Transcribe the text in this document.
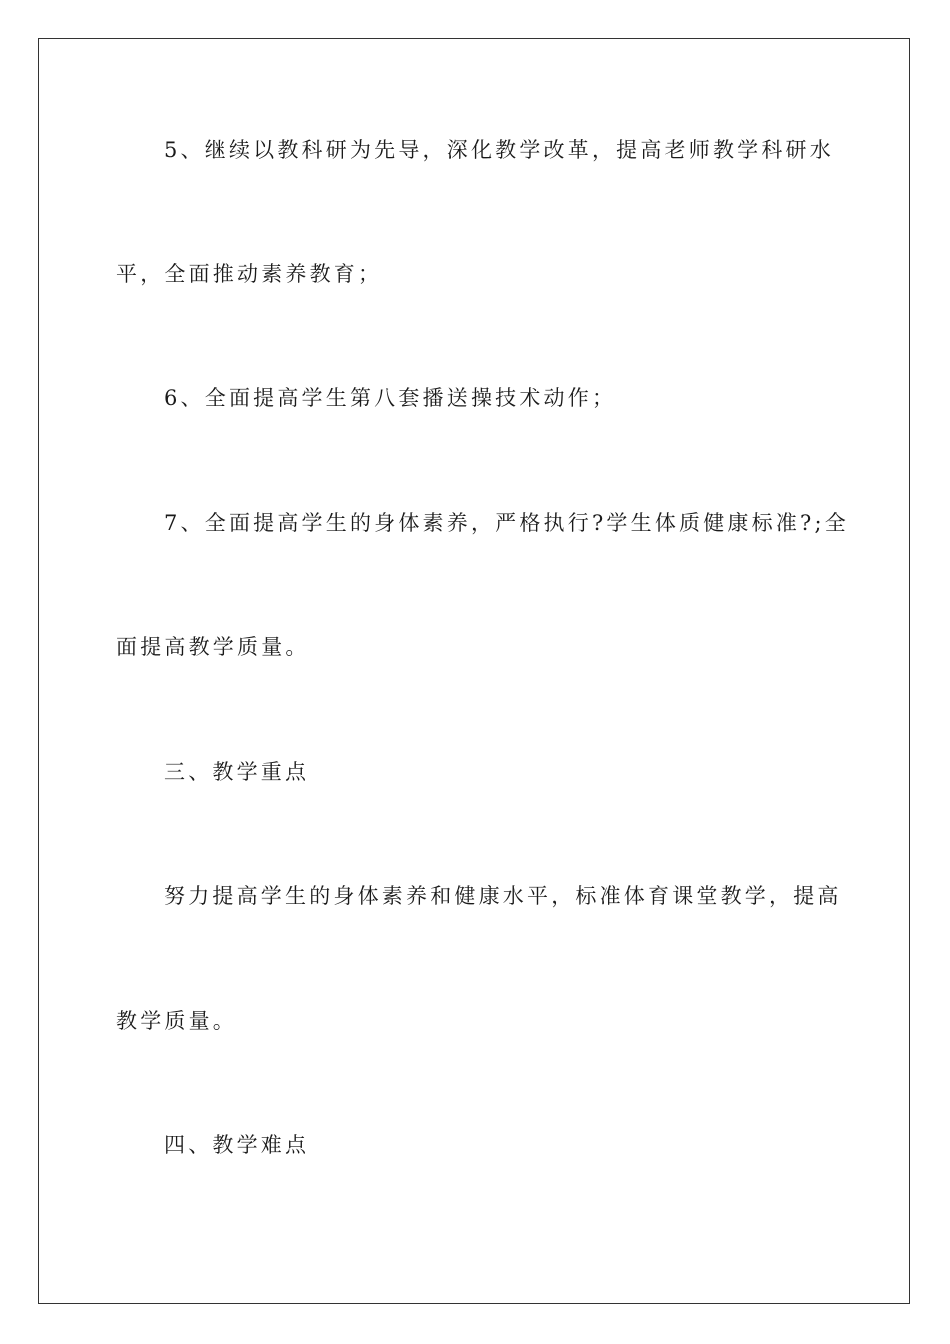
5、继续以教科研为先导，深化教学改革，提高老师教学科研水
平，全面推动素养教育；
6、全面提高学生第八套播送操技术动作；
7、全面提高学生的身体素养，严格执行?学生体质健康标准?;全
面提高教学质量。
三、教学重点
努力提高学生的身体素养和健康水平，标准体育课堂教学，提高
教学质量。
四、教学难点
